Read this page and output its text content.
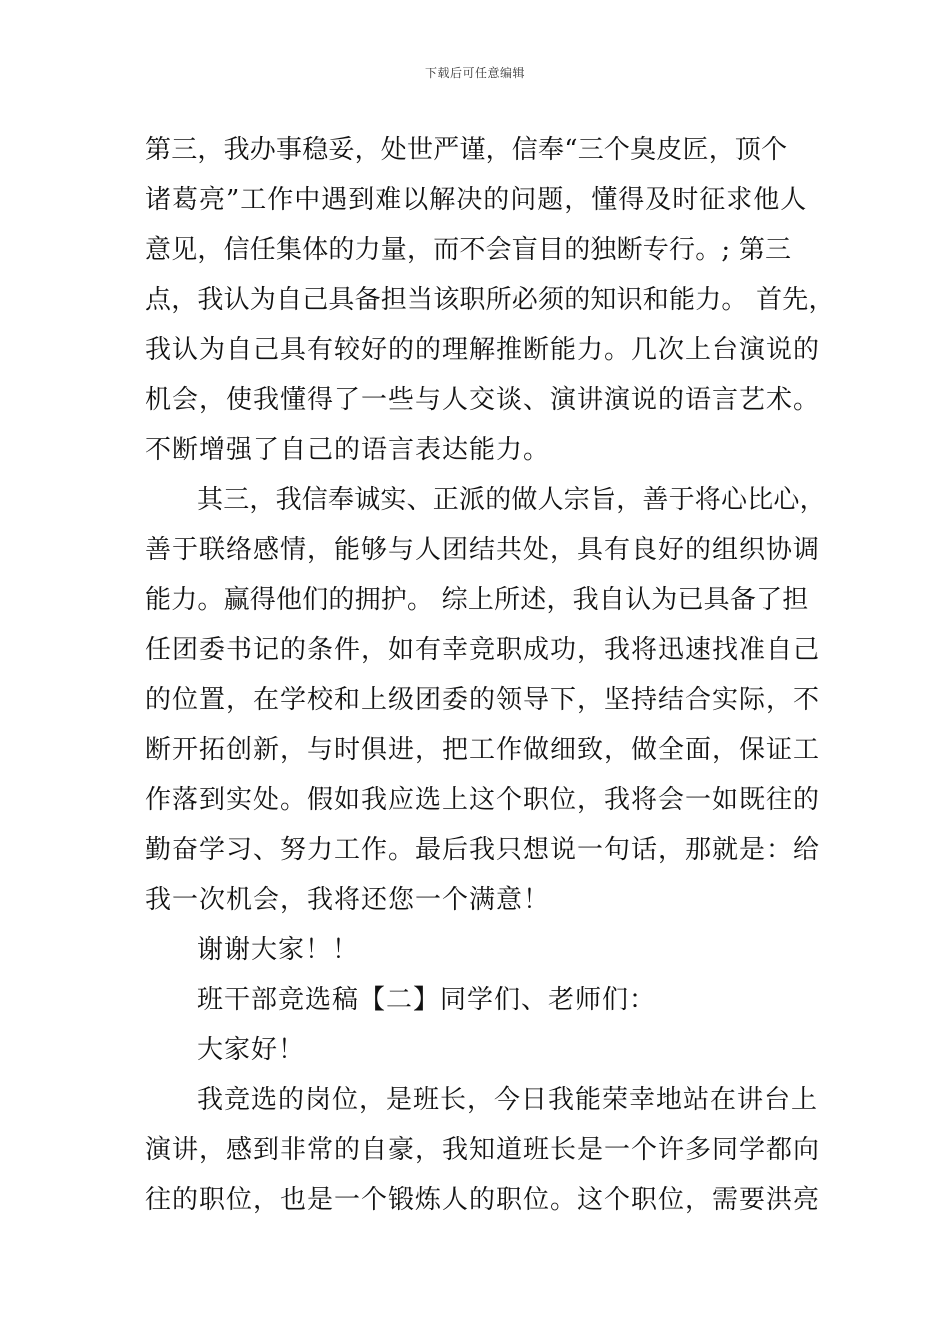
下载后可任意编辑
第三，我办事稳妥，处世严谨，信奉“三个臭皮匠，顶个
诸葛亮”工作中遇到难以解决的问题，懂得及时征求他人
意见，信任集体的力量，而不会盲目的独断专行。; 第三
点，我认为自己具备担当该职所必须的知识和能力。 首先，
我认为自己具有较好的的理解推断能力。几次上台演说的
机会，使我懂得了一些与人交谈、演讲演说的语言艺术。
不断增强了自己的语言表达能力。
其三，我信奉诚实、正派的做人宗旨，善于将心比心，
善于联络感情，能够与人团结共处，具有良好的组织协调
能力。赢得他们的拥护。 综上所述，我自认为已具备了担
任团委书记的条件，如有幸竞职成功，我将迅速找准自己
的位置，在学校和上级团委的领导下，坚持结合实际，不
断开拓创新，与时俱进，把工作做细致，做全面，保证工
作落到实处。假如我应选上这个职位，我将会一如既往的
勤奋学习、努力工作。最后我只想说一句话，那就是：给
我一次机会，我将还您一个满意！
谢谢大家！！
班干部竞选稿【二】同学们、老师们：
大家好！
我竞选的岗位，是班长，今日我能荣幸地站在讲台上
演讲，感到非常的自豪，我知道班长是一个许多同学都向
往的职位，也是一个锻炼人的职位。这个职位，需要洪亮
